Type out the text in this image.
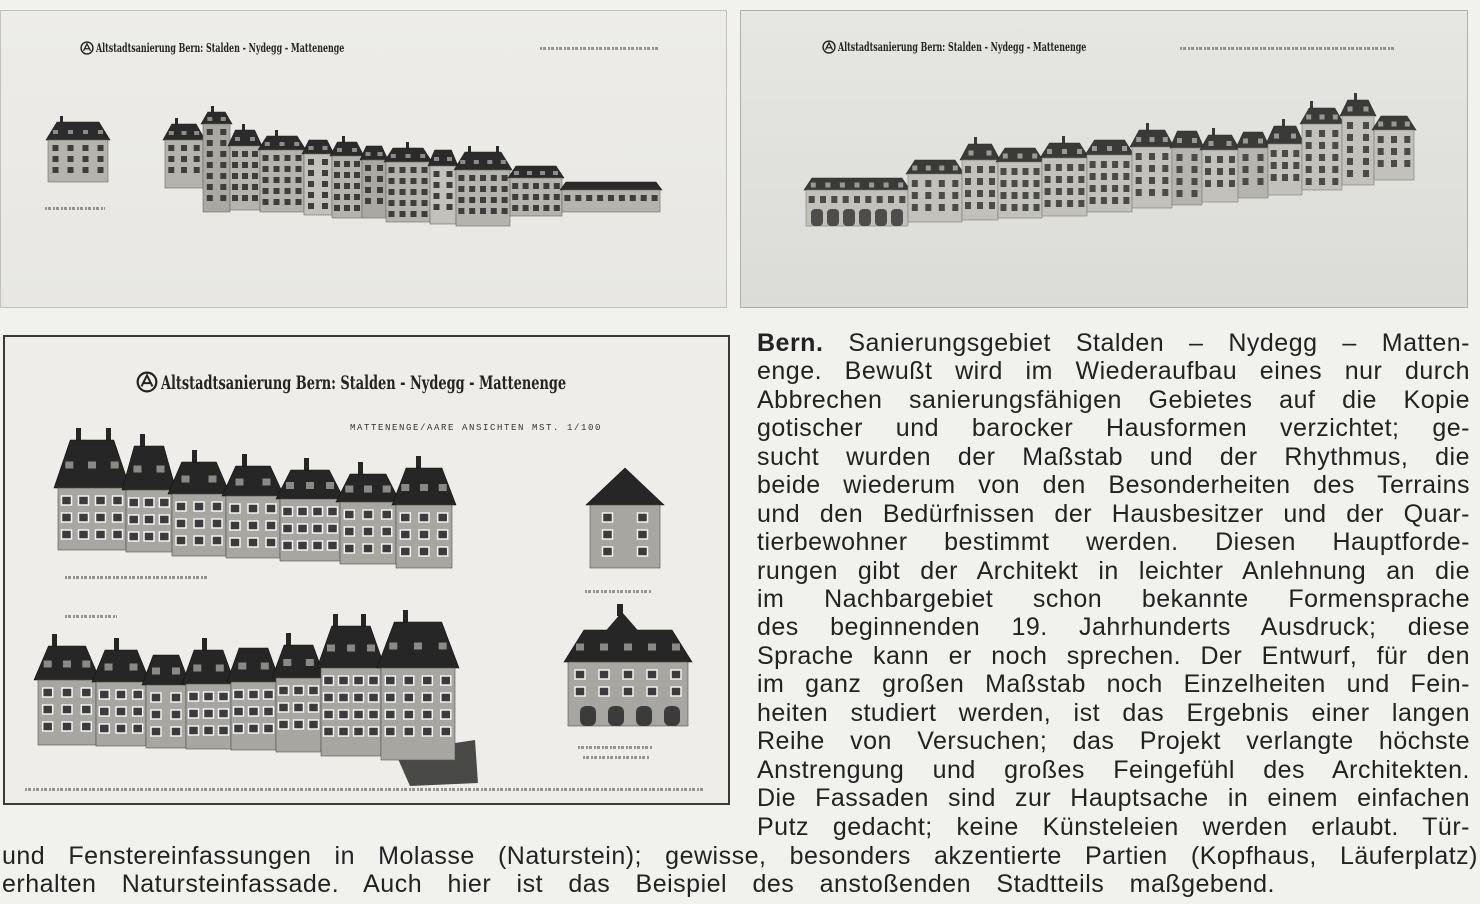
Altstadtsanierung Bern: Stalden - Nydegg - Mattenenge	Altstadtsanierung Bern: Stalden - Nydegg - Mattenenge
Altstadtsanierung Bern: Stalden - Nydegg - Mattenenge
MATTENENGE/AARE ANSICHTEN MST. 1/100
Bern. Sanierungsgebiet Stalden – Nydegg – Matten-
enge. Bewußt wird im Wiederaufbau eines nur durch
Abbrechen sanierungsfähigen Gebietes auf die Kopie
gotischer und barocker Hausformen verzichtet; ge-
sucht wurden der Maßstab und der Rhythmus, die
beide wiederum von den Besonderheiten des Terrains
und den Bedürfnissen der Hausbesitzer und der Quar-
tierbewohner bestimmt werden. Diesen Hauptforde-
rungen gibt der Architekt in leichter Anlehnung an die
im Nachbargebiet schon bekannte Formensprache
des beginnenden 19. Jahrhunderts Ausdruck; diese
Sprache kann er noch sprechen. Der Entwurf, für den
im ganz großen Maßstab noch Einzelheiten und Fein-
heiten studiert werden, ist das Ergebnis einer langen
Reihe von Versuchen; das Projekt verlangte höchste
Anstrengung und großes Feingefühl des Architekten.
Die Fassaden sind zur Hauptsache in einem einfachen
Putz gedacht; keine Künsteleien werden erlaubt. Tür-
und Fenstereinfassungen in Molasse (Naturstein); gewisse, besonders akzentierte Partien (Kopfhaus, Läuferplatz)
erhalten Natursteinfassade. Auch hier ist das Beispiel des anstoßenden Stadtteils maßgebend.
